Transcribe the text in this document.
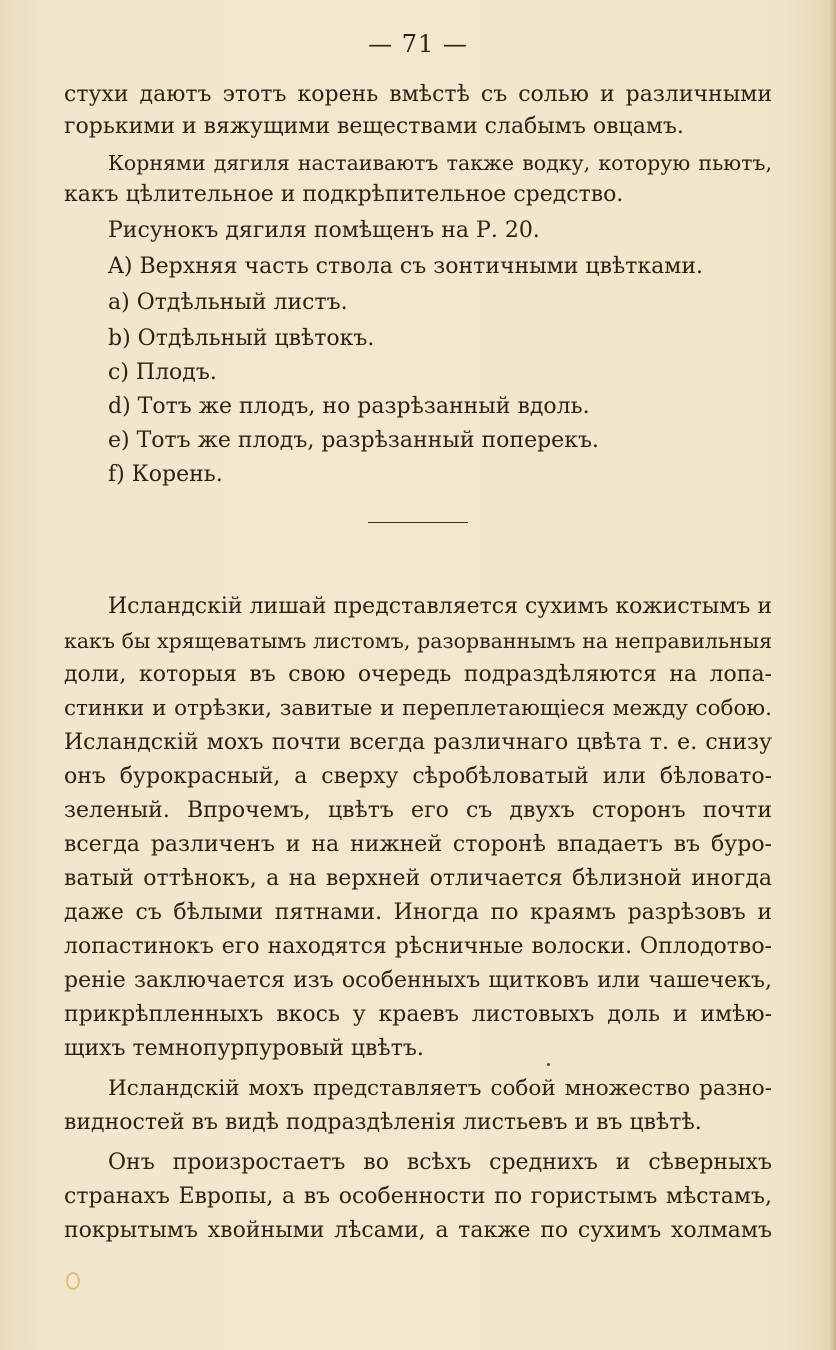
— 71 —
стухи даютъ этотъ корень вмѣстѣ съ солью и различными
горькими и вяжущими веществами слабымъ овцамъ.
Корнями дягиля настаиваютъ также водку, которую пьютъ,
какъ цѣлительное и подкрѣпительное средство.
Рисунокъ дягиля помѣщенъ на Р. 20.
A) Верхняя часть ствола съ зонтичными цвѣтками.
a) Отдѣльный листъ.
b) Отдѣльный цвѣтокъ.
c) Плодъ.
d) Тотъ же плодъ, но разрѣзанный вдоль.
e) Тотъ же плодъ, разрѣзанный поперекъ.
f) Корень.
Исландскій лишай представляется сухимъ кожистымъ и
какъ бы хрящеватымъ листомъ, разорваннымъ на неправильныя
доли, которыя въ свою очередь подраздѣляются на лопа-
стинки и отрѣзки, завитые и переплетающіеся между собою.
Исландскій мохъ почти всегда различнаго цвѣта т. е. снизу
онъ бурокрасный, а сверху сѣробѣловатый или бѣловато-
зеленый. Впрочемъ, цвѣтъ его съ двухъ сторонъ почти
всегда различенъ и на нижней сторонѣ впадаетъ въ буро-
ватый оттѣнокъ, а на верхней отличается бѣлизной иногда
даже съ бѣлыми пятнами. Иногда по краямъ разрѣзовъ и
лопастинокъ его находятся рѣсничные волоски. Оплодотво-
реніе заключается изъ особенныхъ щитковъ или чашечекъ,
прикрѣпленныхъ вкось у краевъ листовыхъ доль и имѣю-
щихъ темнопурпуровый цвѣтъ.
Исландскій мохъ представляетъ собой множество разно-
видностей въ видѣ подраздѣленія листьевъ и въ цвѣтѣ.
Онъ произростаетъ во всѣхъ среднихъ и сѣверныхъ
странахъ Европы, а въ особенности по гористымъ мѣстамъ,
покрытымъ хвойными лѣсами, а также по сухимъ холмамъ
